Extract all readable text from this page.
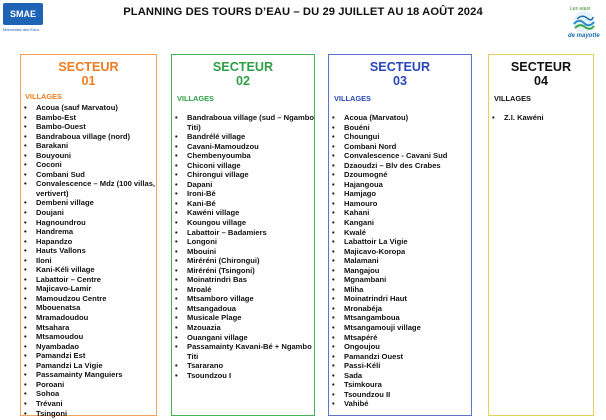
SMAE
Mahoraise des Eaux
PLANNING DES TOURS D’EAU – DU 29 JUILLET AU 18 AOÛT 2024	Les eaux
de mayotte
SECTEUR
01
VILLAGES
• Acoua (sauf Marvatou)
• Bambo-Est
• Bambo-Ouest
• Bandraboua village (nord)
• Barakani
• Bouyouni
• Coconi
• Combani Sud
• Convalescence – Mdz (100 villas, vertivert)
• Dembeni village
• Doujani
• Hagnoundrou
• Handrema
• Hapandzo
• Hauts Vallons
• Iloni
• Kani-Kéli village
• Labattoir – Centre
• Majicavo-Lamir
• Mamoudzou Centre
• Mbouenatsa
• Mramadoudou
• Mtsahara
• Mtsamoudou
• Nyambadao
• Pamandzi Est
• Pamandzi La Vigie
• Passamainty Manguiers
• Poroani
• Sohoa
• Trévani
• Tsingoni
SECTEUR
02
VILLAGES
• Bandraboua village (sud – Ngambo Titi)
• Bandrélé village
• Cavani-Mamoudzou
• Chembenyoumba
• Chiconi village
• Chirongui village
• Dapani
• Ironi-Bé
• Kani-Bé
• Kawéni village
• Koungou village
• Labattoir – Badamiers
• Longoni
• Mbouini
• Miréréni (Chirongui)
• Miréréni (Tsingoni)
• Moinatrindri Bas
• Mroalé
• Mtsamboro village
• Mtsangadoua
• Musicale Plage
• Mzouazia
• Ouangani village
• Passamainty Kavani-Bé + Ngambo Titi
• Tsararano
• Tsoundzou I
SECTEUR
03
VILLAGES
• Acoua (Marvatou)
• Bouéni
• Choungui
• Combani Nord
• Convalescence - Cavani Sud
• Dzaoudzi – Blv des Crabes
• Dzoumogné
• Hajangoua
• Hamjago
• Hamouro
• Kahani
• Kangani
• Kwalé
• Labattoir La Vigie
• Majicavo-Koropa
• Malamani
• Mangajou
• Mgnambani
• Mliha
• Moinatrindri Haut
• Mronabéja
• Mtsangamboua
• Mtsangamouji village
• Mtsapéré
• Ongoujou
• Pamandzi Ouest
• Passi-Kéli
• Sada
• Tsimkoura
• Tsoundzou II
• Vahibé
SECTEUR
04
VILLAGES
• Z.I. Kawéni
